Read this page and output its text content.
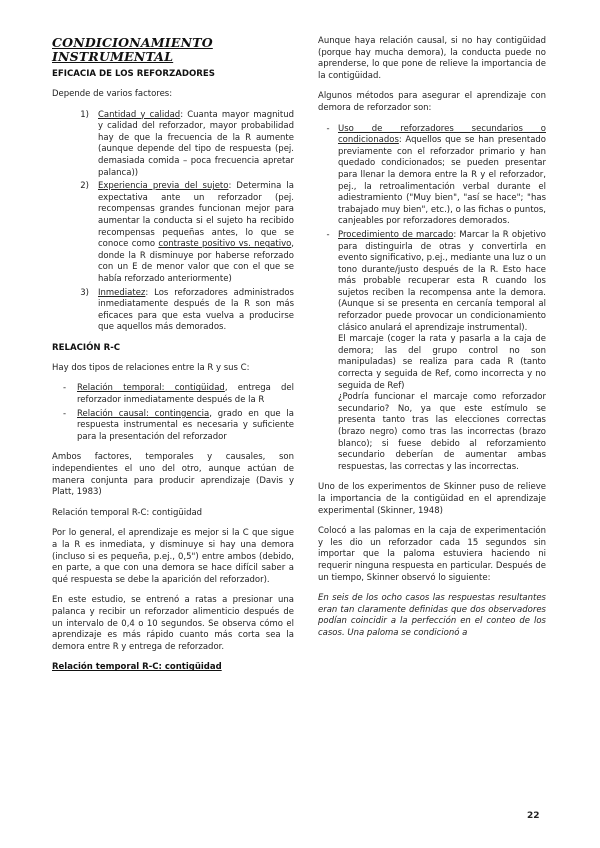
CONDICIONAMIENTO INSTRUMENTAL
EFICACIA DE LOS REFORZADORES

Depende de varios factores:

1)	Cantidad y calidad: Cuanta mayor magnitud y calidad del reforzador, mayor probabilidad hay de que la frecuencia de la R aumente (aunque depende del tipo de respuesta (pej. demasiada comida – poca frecuencia apretar palanca))
2)	Experiencia previa del sujeto: Determina la expectativa ante un reforzador (pej. recompensas grandes funcionan mejor para aumentar la conducta si el sujeto ha recibido recompensas pequeñas antes, lo que se conoce como contraste positivo vs. negativo, donde la R disminuye por haberse reforzado con un E de menor valor que con el que se había reforzado anteriormente)
3)	Inmediatez: Los reforzadores administrados inmediatamente después de la R son más eficaces para que esta vuelva a producirse que aquellos más demorados.
RELACIÓN R-C

Hay dos tipos de relaciones entre la R y sus C:

-	Relación temporal: contigüidad, entrega del reforzador inmediatamente después de la R
-	Relación causal: contingencia, grado en que la respuesta instrumental es necesaria y suficiente para la presentación del reforzador

Ambos factores, temporales y causales, son independientes el uno del otro, aunque actúan de manera conjunta para producir aprendizaje (Davis y Platt, 1983)

Relación temporal R-C: contigüidad

Por lo general, el aprendizaje es mejor si la C que sigue a la R es inmediata, y disminuye si hay una demora (incluso si es pequeña, p.ej., 0,5") entre ambos (debido, en parte, a que con una demora se hace difícil saber a qué respuesta se debe la aparición del reforzador).

En este estudio, se entrenó a ratas a presionar una palanca y recibir un reforzador alimenticio después de un intervalo de 0,4 o 10 segundos. Se observa cómo el aprendizaje es más rápido cuanto más corta sea la demora entre R y entrega de reforzador.

Relación temporal R-C: contigüidad

Aunque haya relación causal, si no hay contigüidad (porque hay mucha demora), la conducta puede no aprenderse, lo que pone de relieve la importancia de la contigüidad.

Algunos métodos para asegurar el aprendizaje con demora de reforzador son:

- Uso de reforzadores secundarios o condicionados: Aquellos que se han presentado previamente con el reforzador primario y han quedado condicionados; se pueden presentar para llenar la demora entre la R y el reforzador, pej., la retroalimentación verbal durante el adiestramiento ("Muy bien", "así se hace"; "has trabajado muy bien", etc.), o las fichas o puntos, canjeables por reforzadores demorados.
- Procedimiento de marcado: Marcar la R objetivo para distinguirla de otras y convertirla en evento significativo, p.ej., mediante una luz o un tono durante/justo después de la R. Esto hace más probable recuperar esta R cuando los sujetos reciben la recompensa ante la demora. (Aunque si se presenta en cercanía temporal al reforzador puede provocar un condicionamiento clásico anulará el aprendizaje instrumental).
El marcaje (coger la rata y pasarla a la caja de demora; las del grupo control no son manipuladas) se realiza para cada R (tanto correcta y seguida de Ref, como incorrecta y no seguida de Ref)
¿Podría funcionar el marcaje como reforzador secundario? No, ya que este estímulo se presenta tanto tras las elecciones correctas (brazo negro) como tras las incorrectas (brazo blanco); si fuese debido al reforzamiento secundario deberían de aumentar ambas respuestas, las correctas y las incorrectas.

Uno de los experimentos de Skinner puso de relieve la importancia de la contigüidad en el aprendizaje experimental (Skinner, 1948)

Colocó a las palomas en la caja de experimentación y les dio un reforzador cada 15 segundos sin importar que la paloma estuviera haciendo ni requerir ninguna respuesta en particular. Después de un tiempo, Skinner observó lo siguiente:

En seis de los ocho casos las respuestas resultantes eran tan claramente definidas que dos observadores podían coincidir a la perfección en el conteo de los casos. Una paloma se condicionó a

22
